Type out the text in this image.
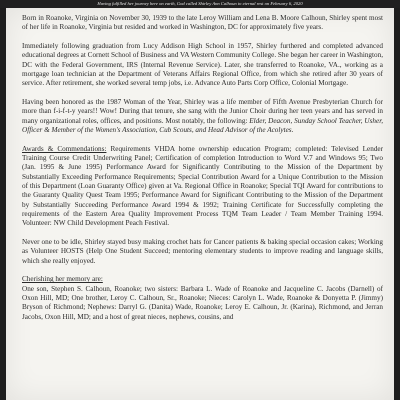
Having fulfilled her journey here on earth, God called Shirley Ann Calhoun to eternal rest on February 6, 2020

Born in Roanoke, Virginia on November 30, 1939 to the late Leroy William and Lena B. Moore Calhoun, Shirley spent most of her life in Roanoke, Virginia but resided and worked in Washington, DC for approximately five years.

Immediately following graduation from Lucy Addison High School in 1957, Shirley furthered and completed advanced educational degrees at Cornett School of Business and VA Western Community College. She began her career in Washington, DC with the Federal Government, IRS (Internal Revenue Service). Later, she transferred to Roanoke, VA., working as a mortgage loan technician at the Department of Veterans Affairs Regional Office, from which she retired after 30 years of service. After retirement, she worked several temp jobs, i.e. Advance Auto Parts Corp Office, Colonial Mortgage.

Having been honored as the 1987 Woman of the Year, Shirley was a life member of Fifth Avenue Presbyterian Church for more than f-i-f-t-y years!! Wow! During that tenure, she sang with the Junior Choir during her teen years and has served in many organizational roles, offices, and positions. Most notably, the following: Elder, Deacon, Sunday School Teacher, Usher, Officer & Member of the Women's Association, Cub Scouts, and Head Advisor of the Acolytes.

Awards & Commendations: Requirements VHDA home ownership education Program; completed: Televised Lender Training Course Credit Underwriting Panel; Certification of completion Introduction to Word V.7 and Windows 95; Two (Jan. 1995 & June 1995) Performance Award for Significantly Contributing to the Mission of the Department by Substantially Exceeding Performance Requirements; Special Contribution Award for a Unique Contribution to the Mission of this Department (Loan Guaranty Office) given at Va. Regional Office in Roanoke; Special TQI Award for contributions to the Guaranty Quality Quest Team 1995; Performance Award for Significant Contributing to the Mission of the Department by Substantially Succeeding Performance Award 1994 & 1992; Training Certificate for Successfully completing the requirements of the Eastern Area Quality Improvement Process TQM Team Leader / Team Member Training 1994. Volunteer: NW Child Development Peach Festival.

Never one to be idle, Shirley stayed busy making crochet hats for Cancer patients & baking special occasion cakes; Working as Volunteer HOSTS (Help One Student Succeed; mentoring elementary students to improve reading and language skills, which she really enjoyed.

Cherishing her memory are:

One son, Stephen S. Calhoun, Roanoke; two sisters: Barbara L. Wade of Roanoke and Jacqueline C. Jacobs (Darnell) of Oxon Hill, MD; One brother, Leroy C. Calhoun, Sr., Roanoke; Nieces: Carolyn L. Wade, Roanoke & Donyetta P. (Jimmy) Bryson of Richmond; Nephews: Darryl G. (Danita) Wade, Roanoke; Leroy E. Calhoun, Jr. (Karina), Richmond, and Jerran Jacobs, Oxon Hill, MD; and a host of great nieces, nephews, cousins, and
